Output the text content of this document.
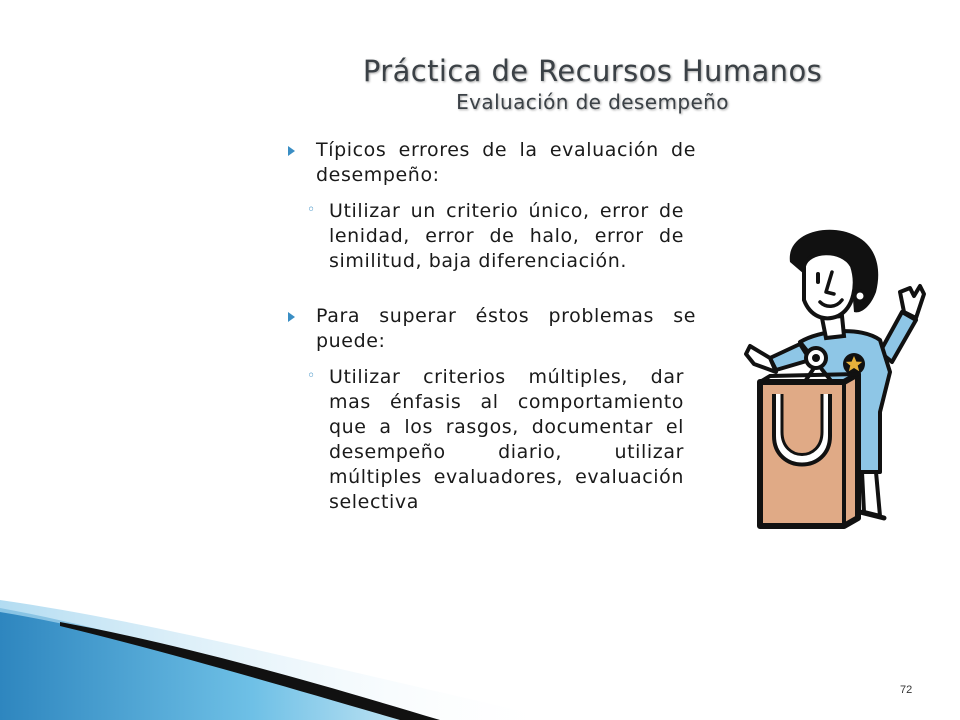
Práctica de Recursos Humanos
Evaluación de desempeño
Típicos errores de la evaluación de desempeño:
◦ Utilizar un criterio único, error de lenidad, error de halo, error de similitud, baja diferenciación.
Para superar éstos problemas se puede:
◦ Utilizar criterios múltiples, dar mas énfasis al comportamiento que a los rasgos, documentar el desempeño diario, utilizar múltiples evaluadores, evaluación selectiva
72
